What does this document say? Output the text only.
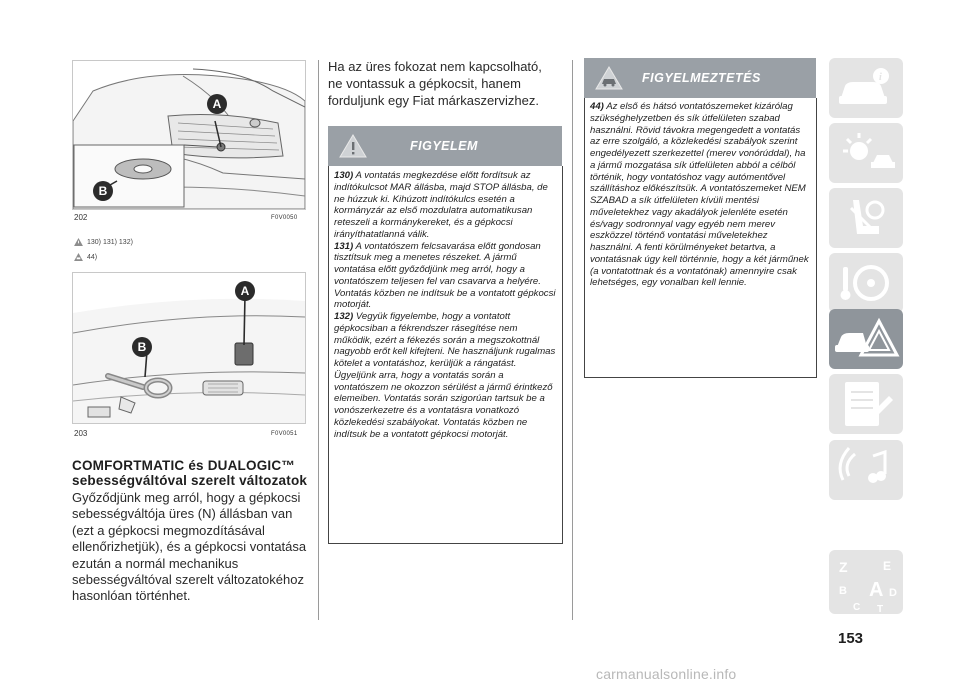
A
B
202	F0V0050
130) 131) 132)
44)
A
B
203	F0V0051
COMFORTMATIC és DUALOGIC™ sebességváltóval szerelt változatok
Győződjünk meg arról, hogy a gépkocsi sebességváltója üres (N) állásban van (ezt a gépkocsi megmozdításával ellenőrizhetjük), és a gépkocsi vontatása ezután a normál mechanikus sebességváltóval szerelt változatokéhoz hasonlóan történhet.
Ha az üres fokozat nem kapcsolható, ne vontassuk a gépkocsit, hanem forduljunk egy Fiat márkaszervizhez.
FIGYELEM

130) A vontatás megkezdése előtt fordítsuk az indítókulcsot MAR állásba, majd STOP állásba, de ne húzzuk ki. Kihúzott indítókulcs esetén a kormányzár az első mozdulatra automatikusan reteszeli a kormánykereket, és a gépkocsi irányíthatatlanná válik.

131) A vontatószem felcsavarása előtt gondosan tisztítsuk meg a menetes részeket. A jármű vontatása előtt győződjünk meg arról, hogy a vontatószem teljesen fel van csavarva a helyére. Vontatás közben ne indítsuk be a vontatott gépkocsi motorját.

132) Vegyük figyelembe, hogy a vontatott gépkocsiban a fékrendszer rásegítése nem működik, ezért a fékezés során a megszokottnál nagyobb erőt kell kifejteni. Ne használjunk rugalmas kötelet a vontatáshoz, kerüljük a rángatást. Ügyeljünk arra, hogy a vontatás során a vontatószem ne okozzon sérülést a jármű érintkező elemeiben. Vontatás során szigorúan tartsuk be a vonószerkezetre és a vontatásra vonatkozó közlekedési szabályokat. Vontatás közben ne indítsuk be a vontatott gépkocsi motorját.

FIGYELMEZTETÉS

44) Az első és hátsó vontatószemeket kizárólag szükséghelyzetben és sík útfelületen szabad használni. Rövid távokra megengedett a vontatás az erre szolgáló, a közlekedési szabályok szerint engedélyezett szerkezettel (merev vonórúddal), ha a jármű mozgatása sík útfelületen abból a célból történik, hogy vontatóshoz vagy autómentővel szállításhoz előkészítsük. A vontatószemeket NEM SZABAD a sík útfelületen kívüli mentési műveletekhez vagy akadályok jelenléte esetén és/vagy sodronnyal vagy egyéb nem merev eszközzel történő vontatási műveletekhez használni. A fenti körülményeket betartva, a vontatásnak úgy kell történnie, hogy a két járműnek (a vontatottnak és a vontatónak) amennyire csak lehetséges, egy vonalban kell lennie.

i
Z	E
B A
C
D
T
153
carmanualsonline.info
